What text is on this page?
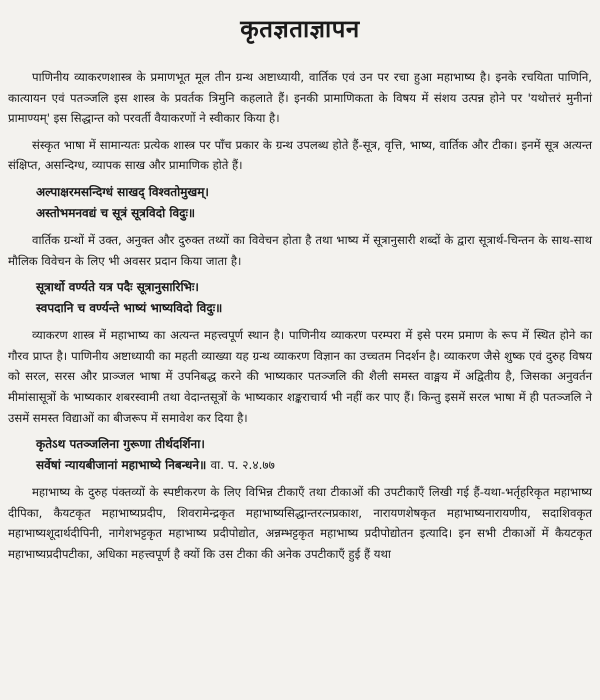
कृतज्ञताज्ञापन

पाणिनीय व्याकरणशास्त्र के प्रमाणभूत मूल तीन ग्रन्थ अष्टाध्यायी, वार्तिक एवं उन पर रचा हुआ महाभाष्य है। इनके रचयिता पाणिनि, कात्यायन एवं पतञ्जलि इस शास्त्र के प्रवर्तक त्रिमुनि कहलाते हैं। इनकी प्रामाणिकता के विषय में संशय उत्पन्न होने पर 'यथोत्तरं मुनीनां प्रामाण्यम्' इस सिद्धान्त को परवर्ती वैयाकरणों ने स्वीकार किया है।

संस्कृत भाषा में सामान्यतः प्रत्येक शास्त्र पर पाँच प्रकार के ग्रन्थ उपलब्ध होते हैं-सूत्र, वृत्ति, भाष्य, वार्तिक और टीका। इनमें सूत्र अत्यन्त संक्षिप्त, असन्दिग्ध, व्यापक साख और प्रामाणिक होते हैं।

अल्पाक्षरमसन्दिग्धं साखद् विश्वतोमुखम्।
अस्तोभमनवद्यं च सूत्रं सूत्रविदो विदुः॥

वार्तिक ग्रन्थों में उक्त, अनुक्त और दुरुक्त तथ्यों का विवेचन होता है तथा भाष्य में सूत्रानुसारी शब्दों के द्वारा सूत्रार्थ-चिन्तन के साथ-साथ मौलिक विवेचन के लिए भी अवसर प्रदान किया जाता है।

सूत्रार्थो वर्ण्यते यत्र पदैः सूत्रानुसारिभिः।
स्वपदानि च वर्ण्यन्ते भाष्यं भाष्यविदो विदुः॥

व्याकरण शास्त्र में महाभाष्य का अत्यन्त महत्त्वपूर्ण स्थान है। पाणिनीय व्याकरण परम्परा में इसे परम प्रमाण के रूप में स्थित होने का गौरव प्राप्त है। पाणिनीय अष्टाध्यायी का महती व्याख्या यह ग्रन्थ व्याकरण विज्ञान का उच्चतम निदर्शन है। व्याकरण जैसे शुष्क एवं दुरुह विषय को सरल, सरस और प्राञ्जल भाषा में उपनिबद्ध करने की भाष्यकार पतञ्जलि की शैली समस्त वाङ्मय में अद्वितीय है, जिसका अनुवर्तन मीमांसासूत्रों के भाष्यकार शबरस्वामी तथा वेदान्तसूत्रों के भाष्यकार शङ्कराचार्य भी नहीं कर पाए हैं। किन्तु इसमें सरल भाषा में ही पतञ्जलि ने उसमें समस्त विद्याओं का बीजरूप में समावेश कर दिया है।

कृतेऽथ पतञ्जलिना गुरूणा तीर्थदर्शिना।
सर्वेषां न्यायबीजानां महाभाष्ये निबन्धने॥ वा. प. २.४.७७

महाभाष्य के दुरुह पंक्तव्यों के स्पष्टीकरण के लिए विभिन्न टीकाएँ तथा टीकाओं की उपटीकाएँ लिखी गई हैं-यथा-भर्तृहरिकृत महाभाष्य दीपिका, कैयटकृत महाभाष्यप्रदीप, शिवरामेन्द्रकृत महाभाष्यसिद्धान्तरत्नप्रकाश, नारायणशेषकृत महाभाष्यनारायणीय, सदाशिवकृत महाभाष्यशूदार्थदीपिनी, नागेशभट्टकृत महाभाष्य प्रदीपोद्योत, अन्नम्भट्टकृत महाभाष्य प्रदीपोद्योतन इत्यादि। इन सभी टीकाओं में कैयटकृत महाभाष्यप्रदीपटीका, अधिका महत्त्वपूर्ण है क्यों कि उस टीका की अनेक उपटीकाएँ हुई हैं यथा
